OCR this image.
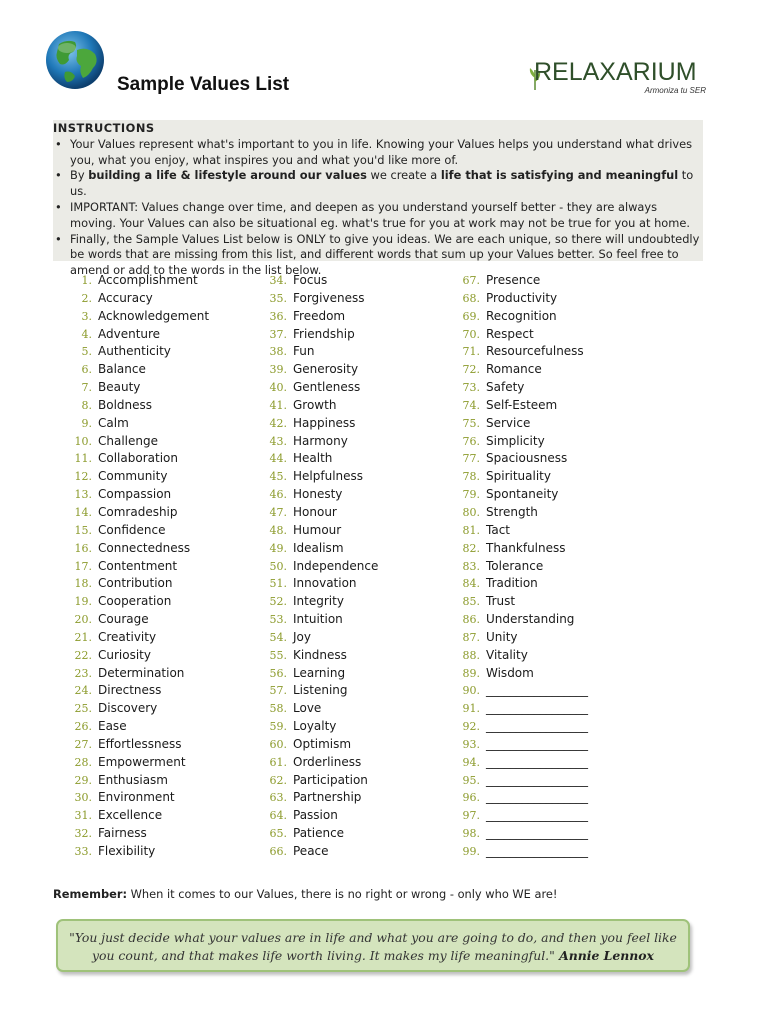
Sample Values List	RELAXARIUM
Armoniza tu SER
INSTRUCTIONS
• Your Values represent what's important to you in life. Knowing your Values helps you understand what drives you, what you enjoy, what inspires you and what you'd like more of.
• By building a life & lifestyle around our values we create a life that is satisfying and meaningful to us.
• IMPORTANT: Values change over time, and deepen as you understand yourself better - they are always moving. Your Values can also be situational eg. what's true for you at work may not be true for you at home.
• Finally, the Sample Values List below is ONLY to give you ideas. We are each unique, so there will undoubtedly be words that are missing from this list, and different words that sum up your Values better. So feel free to amend or add to the words in the list below.
1. Accomplishment
2. Accuracy
3. Acknowledgement
4. Adventure
5. Authenticity
6. Balance
7. Beauty
8. Boldness
9. Calm
10. Challenge
11. Collaboration
12. Community
13. Compassion
14. Comradeship
15. Confidence
16. Connectedness
17. Contentment
18. Contribution
19. Cooperation
20. Courage
21. Creativity
22. Curiosity
23. Determination
24. Directness
25. Discovery
26. Ease
27. Effortlessness
28. Empowerment
29. Enthusiasm
30. Environment
31. Excellence
32. Fairness
33. Flexibility
34. Focus
35. Forgiveness
36. Freedom
37. Friendship
38. Fun
39. Generosity
40. Gentleness
41. Growth
42. Happiness
43. Harmony
44. Health
45. Helpfulness
46. Honesty
47. Honour
48. Humour
49. Idealism
50. Independence
51. Innovation
52. Integrity
53. Intuition
54. Joy
55. Kindness
56. Learning
57. Listening
58. Love
59. Loyalty
60. Optimism
61. Orderliness
62. Participation
63. Partnership
64. Passion
65. Patience
66. Peace
67. Presence
68. Productivity
69. Recognition
70. Respect
71. Resourcefulness
72. Romance
73. Safety
74. Self-Esteem
75. Service
76. Simplicity
77. Spaciousness
78. Spirituality
79. Spontaneity
80. Strength
81. Tact
82. Thankfulness
83. Tolerance
84. Tradition
85. Trust
86. Understanding
87. Unity
88. Vitality
89. Wisdom
90. _________________
91. _________________
92. _________________
93. _________________
94. _________________
95. _________________
96. _________________
97. _________________
98. _________________
99. _________________
Remember: When it comes to our Values, there is no right or wrong - only who WE are!
"You just decide what your values are in life and what you are going to do, and then you feel like you count, and that makes life worth living. It makes my life meaningful." Annie Lennox
